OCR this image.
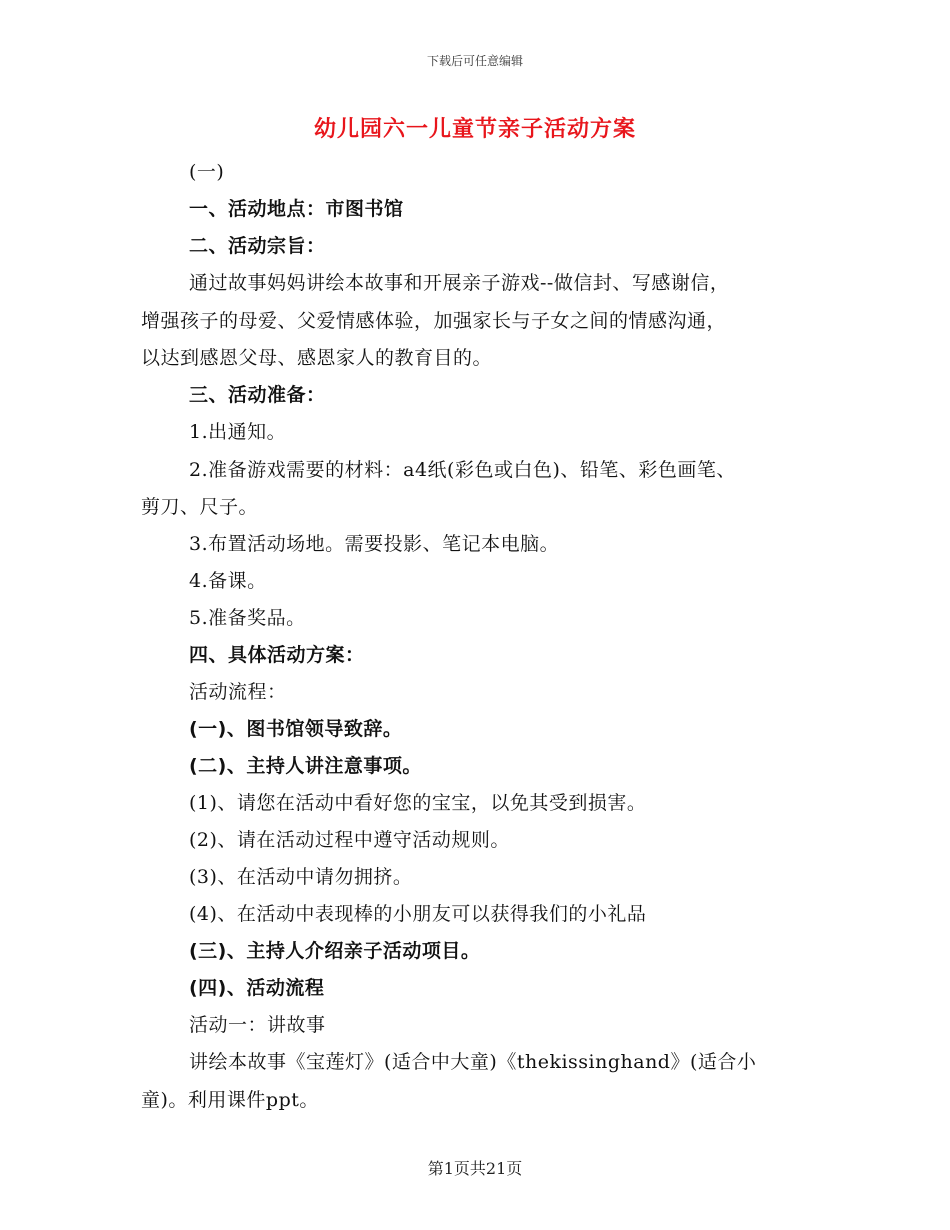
下载后可任意编辑
幼儿园六一儿童节亲子活动方案
(一)
一、活动地点：市图书馆
二、活动宗旨：
通过故事妈妈讲绘本故事和开展亲子游戏--做信封、写感谢信，
增强孩子的母爱、父爱情感体验，加强家长与子女之间的情感沟通，
以达到感恩父母、感恩家人的教育目的。
三、活动准备：
1.出通知。
2.准备游戏需要的材料：a4纸(彩色或白色)、铅笔、彩色画笔、
剪刀、尺子。
3.布置活动场地。需要投影、笔记本电脑。
4.备课。
5.准备奖品。
四、具体活动方案：
活动流程：
(一)、图书馆领导致辞。
(二)、主持人讲注意事项。
(1)、请您在活动中看好您的宝宝，以免其受到损害。
(2)、请在活动过程中遵守活动规则。
(3)、在活动中请勿拥挤。
(4)、在活动中表现棒的小朋友可以获得我们的小礼品
(三)、主持人介绍亲子活动项目。
(四)、活动流程
活动一：讲故事
讲绘本故事《宝莲灯》(适合中大童)《thekissinghand》(适合小
童)。利用课件ppt。
第1页共21页
